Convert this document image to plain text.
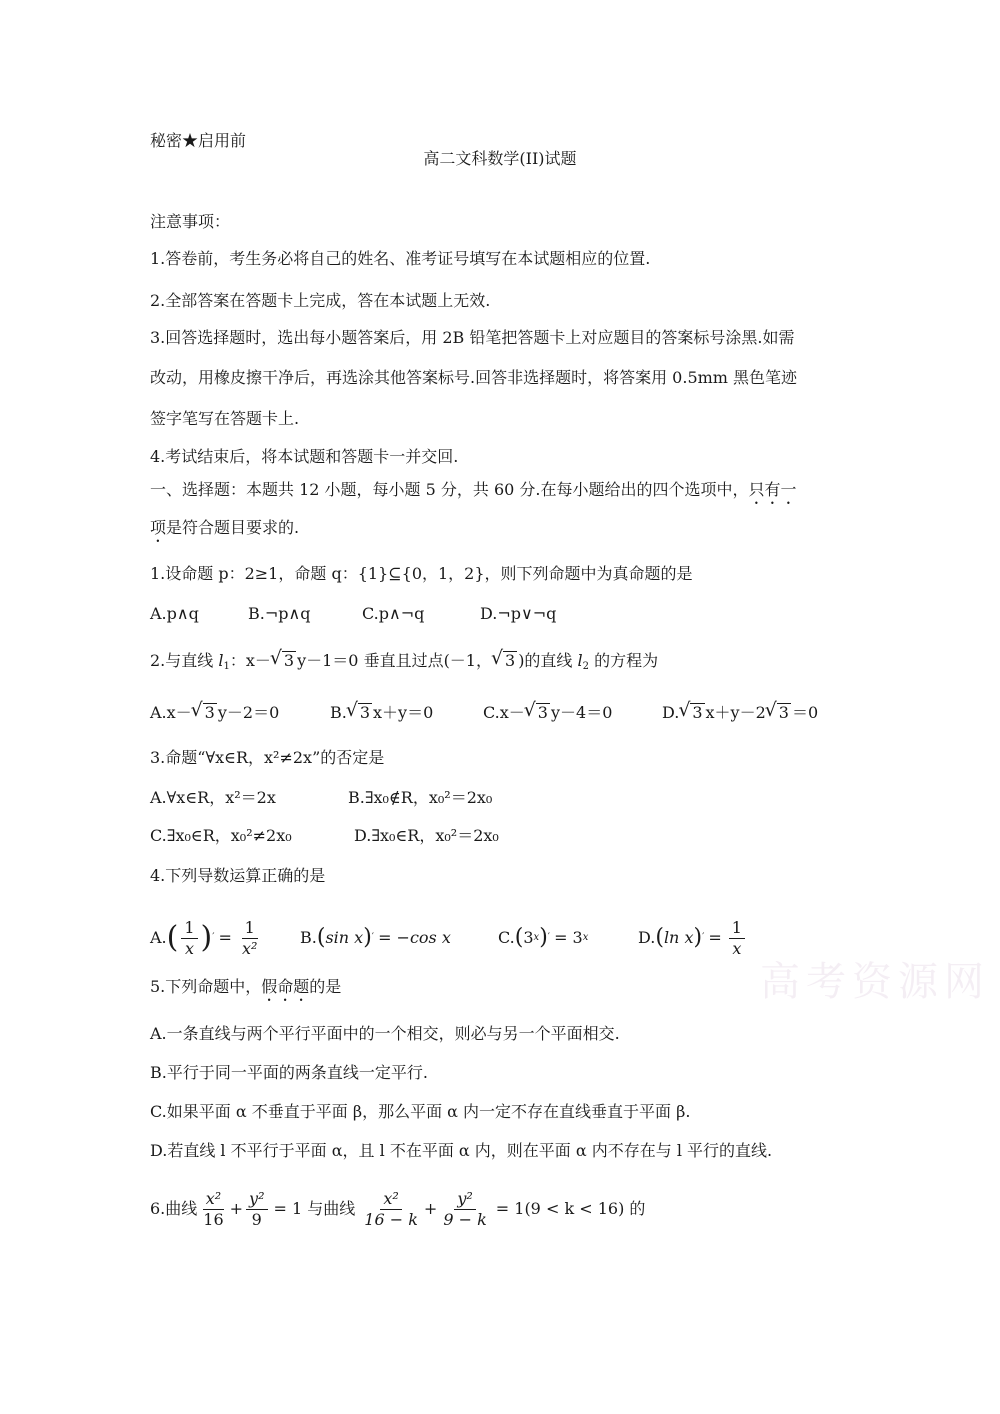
秘密★启用前
高二文科数学(II)试题
注意事项：
1.答卷前，考生务必将自己的姓名、准考证号填写在本试题相应的位置.
2.全部答案在答题卡上完成，答在本试题上无效.
3.回答选择题时，选出每小题答案后，用 2B 铅笔把答题卡上对应题目的答案标号涂黑.如需
改动，用橡皮擦干净后，再选涂其他答案标号.回答非选择题时，将答案用 0.5mm 黑色笔迹
签字笔写在答题卡上.
4.考试结束后，将本试题和答题卡一并交回.
一、选择题：本题共 12 小题，每小题 5 分，共 60 分.在每小题给出的四个选项中，只有一
项是符合题目要求的.
1.设命题 p：2≥1，命题 q：{1}⊆{0，1，2}，则下列命题中为真命题的是
A.p∧q	B.¬p∧q	C.p∧¬q	D.¬p∨¬q
2.与直线 $l_1$：x－ √ 3 y－1＝0 垂直且过点(－1， √ 3 )的直线 $l_2$ 的方程为
A.x－ √ 3 y－2＝0	B. √ 3 x＋y＝0	C.x－ √ 3 y－4＝0	D. √ 3 x＋y－2 √ 3 ＝0
3.命题“∀x∈R，x²≠2x”的否定是
A.∀x∈R，x²＝2x	B.∃x₀∉R，x₀²＝2x₀
C.∃x₀∈R，x₀²≠2x₀	D.∃x₀∈R，x₀²＝2x₀
4.下列导数运算正确的是
A. ( $\frac{1}{x}$ ) ′ = $\frac{1}{\text{x²}} B$. ( sin x ) ′ = −cos x	C. ( 3 x ) ′ = 3 x	D. ( ln x ) ′ = $\frac{1}{x}$
5.下列命题中，假命题的是
A.一条直线与两个平行平面中的一个相交，则必与另一个平面相交.
B.平行于同一平面的两条直线一定平行.
C.如果平面 α 不垂直于平面 β，那么平面 α 内一定不存在直线垂直于平面 β.
D.若直线 l 不平行于平面 α，且 l 不在平面 α 内，则在平面 α 内不存在与 l 平行的直线.
6.曲线 $\frac{\text{x²}}{16} + \frac{\text{y²}}{9} = 1$ 与曲线 $\frac{\text{x²}}{16 - k} + \frac{\text{y²}}{9 - k} = 1(9 < k < 16)$ 的
高考资源网
